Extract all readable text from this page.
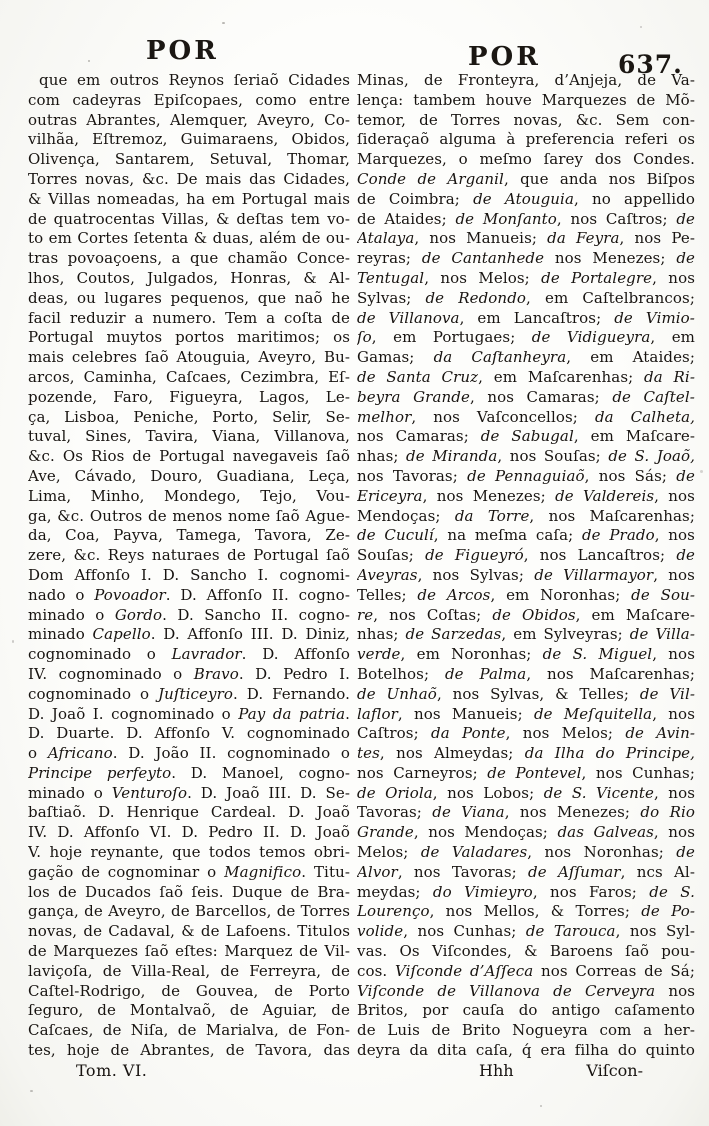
POR	POR	637.
que em outros Reynos ſeriaõ Cidades
com cadeyras Epiſcopaes, como entre
outras Abrantes, Alemquer, Aveyro, Co-
vilhãa, Eſtremoz, Guimaraens, Obidos,
Olivença, Santarem, Setuval, Thomar,
Torres novas, &c. De mais das Cidades,
& Villas nomeadas, ha em Portugal mais
de quatrocentas Villas, & deſtas tem vo-
to em Cortes ſetenta & duas, além de ou-
tras povoaçoens, a que chamão Conce-
lhos, Coutos, Julgados, Honras, & Al-
deas, ou lugares pequenos, que naõ he
facil reduzir a numero. Tem a coſta de
Portugal muytos portos maritimos; os
mais celebres ſaõ Atouguia, Aveyro, Bu-
arcos, Caminha, Caſcaes, Cezimbra, Eſ-
pozende, Faro, Figueyra, Lagos, Le-
ça, Lisboa, Peniche, Porto, Selir, Se-
tuval, Sines, Tavira, Viana, Villanova,
&c. Os Rios de Portugal navegaveis ſaõ
Ave, Cávado, Douro, Guadiana, Leça,
Lima, Minho, Mondego, Tejo, Vou-
ga, &c. Outros de menos nome ſaõ Ague-
da, Coa, Payva, Tamega, Tavora, Ze-
zere, &c. Reys naturaes de Portugal ſaõ
Dom Affonſo I. D. Sancho I. cognomi-
nado o Povoador. D. Affonſo II. cogno-
minado o Gordo. D. Sancho II. cogno-
minado Capello. D. Affonſo III. D. Diniz,
cognominado o Lavrador. D. Affonſo
IV. cognominado o Bravo. D. Pedro I.
cognominado o Juſticeyro. D. Fernando.
D. Joaõ I. cognominado o Pay da patria.
D. Duarte. D. Affonſo V. cognominado
o Africano. D. João II. cognominado o
Principe perfeyto. D. Manoel, cogno-
minado o Venturoſo. D. Joaõ III. D. Se-
baſtiaõ. D. Henrique Cardeal. D. Joaõ
IV. D. Affonſo VI. D. Pedro II. D. Joaõ
V. hoje reynante, que todos temos obri-
gação de cognominar o Magnifico. Titu-
los de Ducados ſaõ ſeis. Duque de Bra-
gança, de Aveyro, de Barcellos, de Torres
novas, de Cadaval, & de Lafoens. Titulos
de Marquezes ſaõ eſtes: Marquez de Vil-
laviçoſa, de Villa-Real, de Ferreyra, de
Caſtel-Rodrigo, de Gouvea, de Porto
ſeguro, de Montalvaõ, de Aguiar, de
Caſcaes, de Niſa, de Marialva, de Fon-
tes, hoje de Abrantes, de Tavora, das
Tom. VI.
Minas, de Fronteyra, d’Anjeja, de Va-
lença: tambem houve Marquezes de Mõ-
temor, de Torres novas, &c. Sem con-
ſideraçaõ alguma à preferencia referi os
Marquezes, o meſmo ſarey dos Condes.
Conde de Arganil, que anda nos Biſpos
de Coimbra; de Atouguia, no appellido
de Ataides; de Monſanto, nos Caſtros; de
Atalaya, nos Manueis; da Feyra, nos Pe-
reyras; de Cantanhede nos Menezes; de
Tentugal, nos Melos; de Portalegre, nos
Sylvas; de Redondo, em Caſtelbrancos;
de Villanova, em Lancaſtros; de Vimio-
ſo, em Portugaes; de Vidigueyra, em
Gamas; da Caſtanheyra, em Ataides;
de Santa Cruz, em Maſcarenhas; da Ri-
beyra Grande, nos Camaras; de Caſtel-
melhor, nos Vaſconcellos; da Calheta,
nos Camaras; de Sabugal, em Maſcare-
nhas; de Miranda, nos Souſas; de S. Joaõ,
nos Tavoras; de Pennaguiaõ, nos Sás; de
Ericeyra, nos Menezes; de Valdereis, nos
Mendoças; da Torre, nos Maſcarenhas;
de Cuculí, na meſma caſa; de Prado, nos
Souſas; de Figueyró, nos Lancaſtros; de
Aveyras, nos Sylvas; de Villarmayor, nos
Telles; de Arcos, em Noronhas; de Sou-
re, nos Coſtas; de Obidos, em Maſcare-
nhas; de Sarzedas, em Sylveyras; de Villa-
verde, em Noronhas; de S. Miguel, nos
Botelhos; de Palma, nos Maſcarenhas;
de Unhaõ, nos Sylvas, & Telles; de Vil-
laflor, nos Manueis; de Meſquitella, nos
Caſtros; da Ponte, nos Melos; de Avin-
tes, nos Almeydas; da Ilha do Principe,
nos Carneyros; de Pontevel, nos Cunhas;
de Oriola, nos Lobos; de S. Vicente, nos
Tavoras; de Viana, nos Menezes; do Rio
Grande, nos Mendoças; das Galveas, nos
Melos; de Valadares, nos Noronhas; de
Alvor, nos Tavoras; de Aſſumar, ncs Al-
meydas; do Vimieyro, nos Faros; de S.
Lourenço, nos Mellos, & Torres; de Po-
volide, nos Cunhas; de Tarouca, nos Syl-
vas. Os Viſcondes, & Baroens ſaõ pou-
cos. Viſconde d’Aſſeca nos Correas de Sá;
Viſconde de Villanova de Cerveyra nos
Britos, por cauſa do antigo caſamento
de Luis de Brito Nogueyra com a her-
deyra da dita caſa, q́ era filha do quinto
Hhh	Viſcon-
